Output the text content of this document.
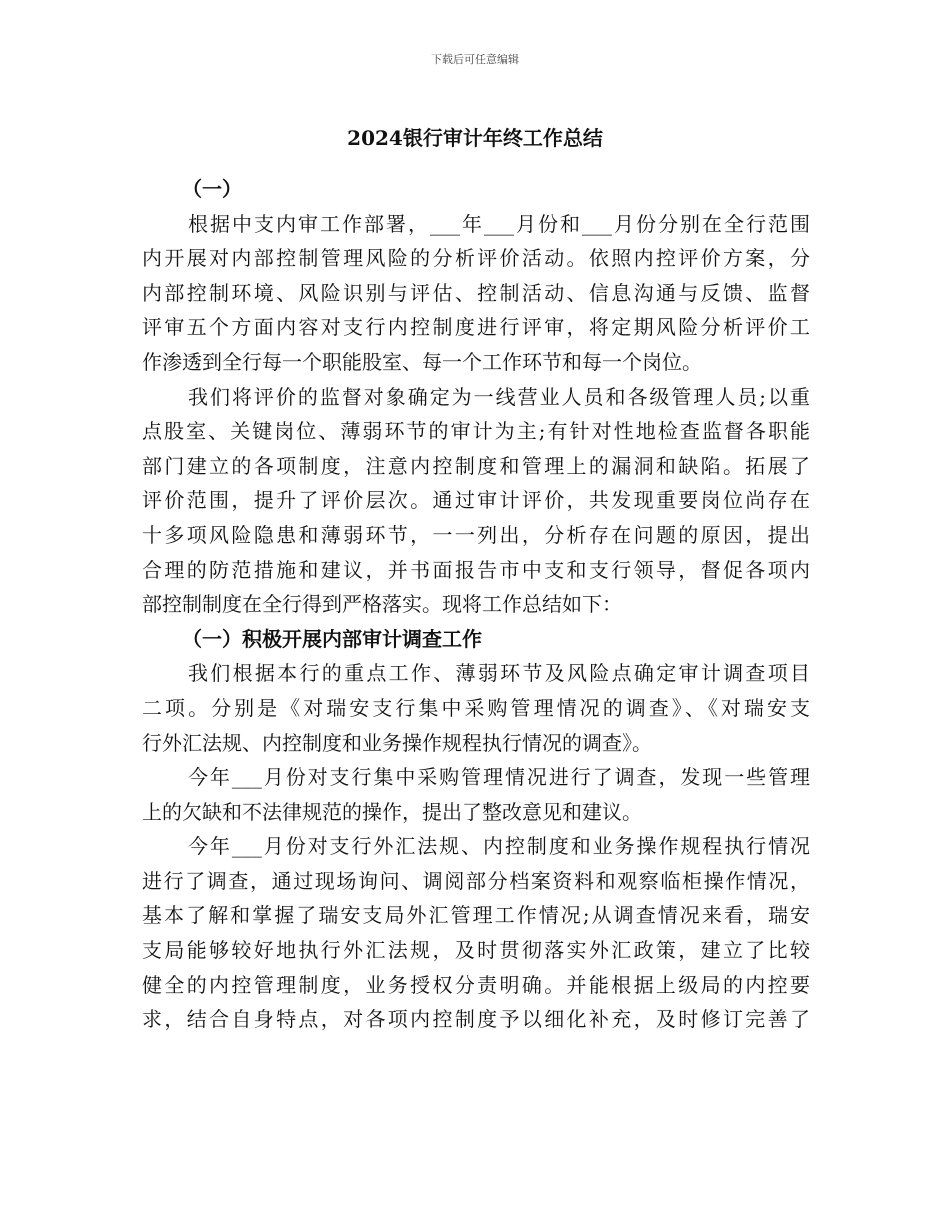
下载后可任意编辑
2024银行审计年终工作总结
（一）
根据中支内审工作部署，___年___月份和___月份分别在全行范围
内开展对内部控制管理风险的分析评价活动。依照内控评价方案，分
内部控制环境、风险识别与评估、控制活动、信息沟通与反馈、监督
评审五个方面内容对支行内控制度进行评审，将定期风险分析评价工
作渗透到全行每一个职能股室、每一个工作环节和每一个岗位。
我们将评价的监督对象确定为一线营业人员和各级管理人员;以重
点股室、关键岗位、薄弱环节的审计为主;有针对性地检查监督各职能
部门建立的各项制度，注意内控制度和管理上的漏洞和缺陷。拓展了
评价范围，提升了评价层次。通过审计评价，共发现重要岗位尚存在
十多项风险隐患和薄弱环节，一一列出，分析存在问题的原因，提出
合理的防范措施和建议，并书面报告市中支和支行领导，督促各项内
部控制制度在全行得到严格落实。现将工作总结如下：
（一）积极开展内部审计调查工作
我们根据本行的重点工作、薄弱环节及风险点确定审计调查项目
二项。分别是《对瑞安支行集中采购管理情况的调查》、《对瑞安支
行外汇法规、内控制度和业务操作规程执行情况的调查》。
今年___月份对支行集中采购管理情况进行了调查，发现一些管理
上的欠缺和不法律规范的操作，提出了整改意见和建议。
今年___月份对支行外汇法规、内控制度和业务操作规程执行情况
进行了调查，通过现场询问、调阅部分档案资料和观察临柜操作情况，
基本了解和掌握了瑞安支局外汇管理工作情况;从调查情况来看，瑞安
支局能够较好地执行外汇法规，及时贯彻落实外汇政策，建立了比较
健全的内控管理制度，业务授权分责明确。并能根据上级局的内控要
求，结合自身特点，对各项内控制度予以细化补充，及时修订完善了
